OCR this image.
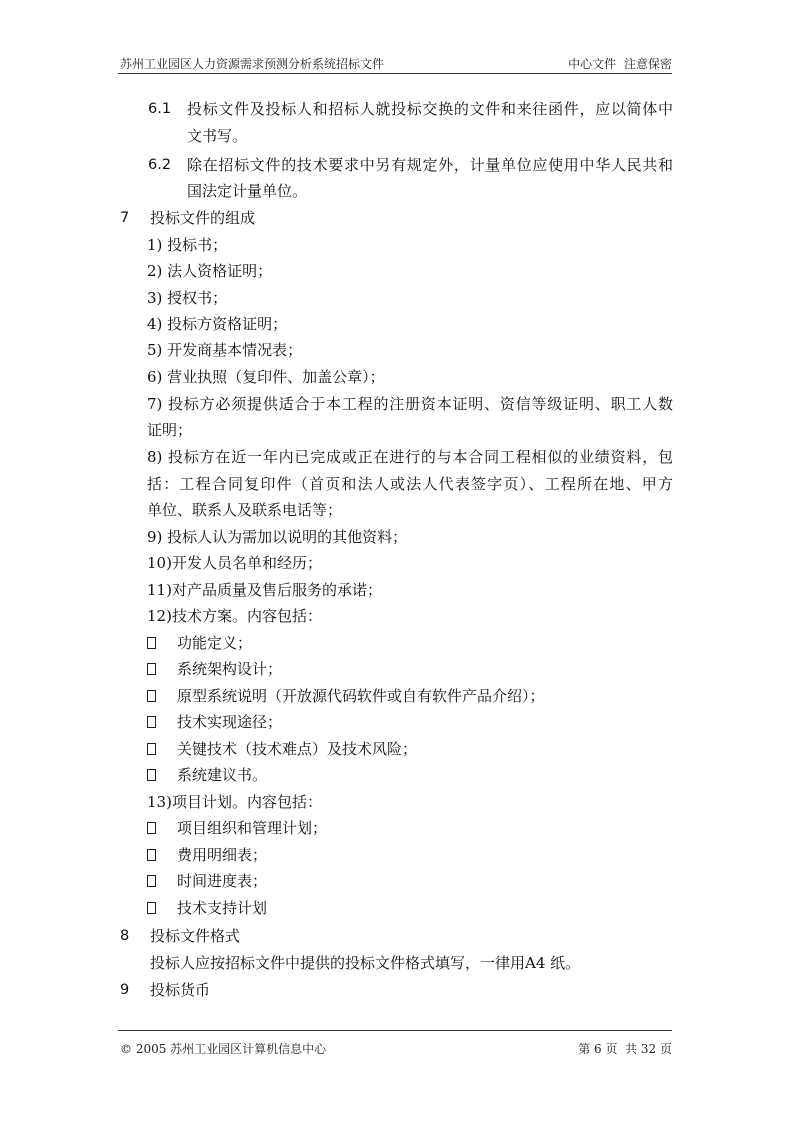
苏州工业园区人力资源需求预测分析系统招标文件	中心文件 注意保密
6.1 投标文件及投标人和招标人就投标交换的文件和来往函件，应以简体中
文书写。
6.2 除在招标文件的技术要求中另有规定外，计量单位应使用中华人民共和
国法定计量单位。
7 投标文件的组成
1) 投标书；
2) 法人资格证明；
3) 授权书；
4) 投标方资格证明；
5) 开发商基本情况表；
6) 营业执照（复印件、加盖公章）；
7) 投标方必须提供适合于本工程的注册资本证明、资信等级证明、职工人数
证明；
8) 投标方在近一年内已完成或正在进行的与本合同工程相似的业绩资料，包
括：工程合同复印件（首页和法人或法人代表签字页）、工程所在地、甲方
单位、联系人及联系电话等；
9) 投标人认为需加以说明的其他资料；
10)开发人员名单和经历；
11)对产品质量及售后服务的承诺；
12)技术方案。内容包括：
功能定义；
系统架构设计；
原型系统说明（开放源代码软件或自有软件产品介绍）；
技术实现途径；
关键技术（技术难点）及技术风险；
系统建议书。
13)项目计划。内容包括：
项目组织和管理计划；
费用明细表；
时间进度表；
技术支持计划
8 投标文件格式
投标人应按招标文件中提供的投标文件格式填写，一律用A4 纸。
9 投标货币
© 2005 苏州工业园区计算机信息中心	第 6 页  共 32 页
